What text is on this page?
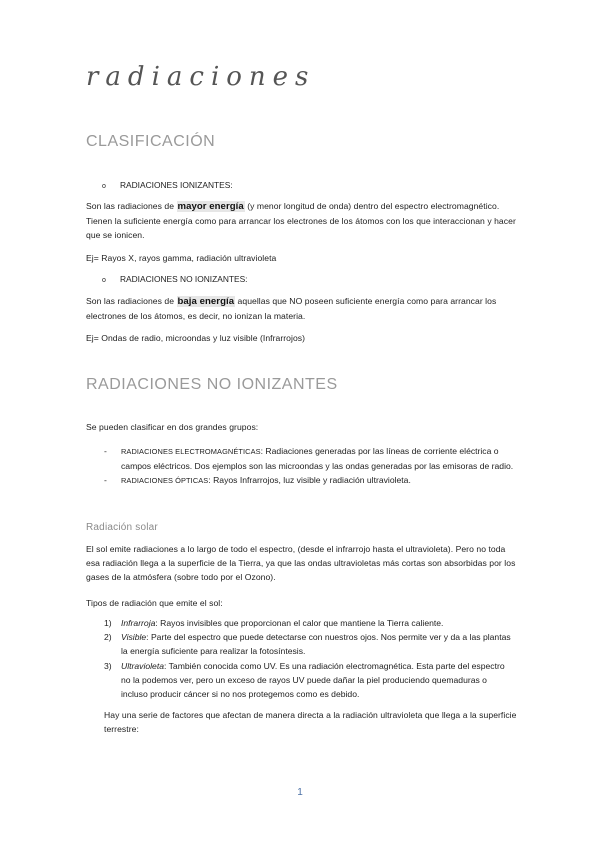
radiaciones
CLASIFICACIÓN
o RADIACIONES IONIZANTES:
Son las radiaciones de mayor energía (y menor longitud de onda) dentro del espectro electromagnético. Tienen la suficiente energía como para arrancar los electrones de los átomos con los que interaccionan y hacer que se ionicen.
Ej= Rayos X, rayos gamma, radiación ultravioleta
o RADIACIONES NO IONIZANTES:
Son las radiaciones de baja energía aquellas que NO poseen suficiente energía como para arrancar los electrones de los átomos, es decir, no ionizan la materia.
Ej= Ondas de radio, microondas y luz visible (Infrarrojos)
RADIACIONES NO IONIZANTES
Se pueden clasificar en dos grandes grupos:
- RADIACIONES ELECTROMAGNÉTICAS: Radiaciones generadas por las líneas de corriente eléctrica o campos eléctricos. Dos ejemplos son las microondas y las ondas generadas por las emisoras de radio.
- RADIACIONES ÓPTICAS: Rayos Infrarrojos, luz visible y radiación ultravioleta.
Radiación solar
El sol emite radiaciones a lo largo de todo el espectro, (desde el infrarrojo hasta el ultravioleta). Pero no toda esa radiación llega a la superficie de la Tierra, ya que las ondas ultravioletas más cortas son absorbidas por los gases de la atmósfera (sobre todo por el Ozono).
Tipos de radiación que emite el sol:
1) Infrarroja: Rayos invisibles que proporcionan el calor que mantiene la Tierra caliente.
2) Visible: Parte del espectro que puede detectarse con nuestros ojos. Nos permite ver y da a las plantas la energía suficiente para realizar la fotosíntesis.
3) Ultravioleta: También conocida como UV. Es una radiación electromagnética. Esta parte del espectro no la podemos ver, pero un exceso de rayos UV puede dañar la piel produciendo quemaduras o incluso producir cáncer si no nos protegemos como es debido.
Hay una serie de factores que afectan de manera directa a la radiación ultravioleta que llega a la superficie terrestre:
1
